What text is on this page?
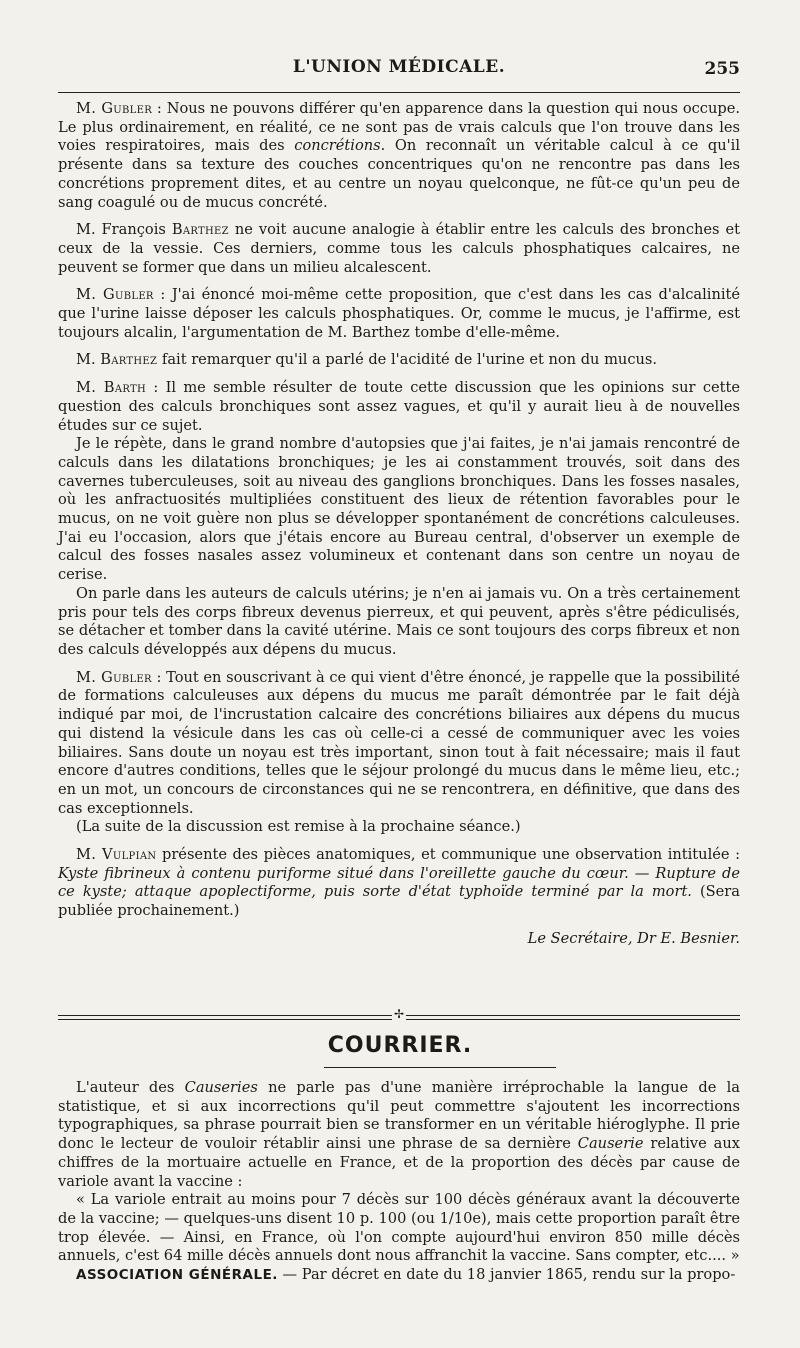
L'UNION MÉDICALE.	255

M. Gubler : Nous ne pouvons différer qu'en apparence dans la question qui nous occupe. Le plus ordinairement, en réalité, ce ne sont pas de vrais calculs que l'on trouve dans les voies respiratoires, mais des concrétions. On reconnaît un véritable calcul à ce qu'il présente dans sa texture des couches concentriques qu'on ne rencontre pas dans les concrétions proprement dites, et au centre un noyau quelconque, ne fût-ce qu'un peu de sang coagulé ou de mucus concrété.

M. François Barthez ne voit aucune analogie à établir entre les calculs des bronches et ceux de la vessie. Ces derniers, comme tous les calculs phosphatiques calcaires, ne peuvent se former que dans un milieu alcalescent.

M. Gubler : J'ai énoncé moi-même cette proposition, que c'est dans les cas d'alcalinité que l'urine laisse déposer les calculs phosphatiques. Or, comme le mucus, je l'affirme, est toujours alcalin, l'argumentation de M. Barthez tombe d'elle-même.

M. Barthez fait remarquer qu'il a parlé de l'acidité de l'urine et non du mucus.

M. Barth : Il me semble résulter de toute cette discussion que les opinions sur cette question des calculs bronchiques sont assez vagues, et qu'il y aurait lieu à de nouvelles études sur ce sujet.

Je le répète, dans le grand nombre d'autopsies que j'ai faites, je n'ai jamais rencontré de calculs dans les dilatations bronchiques; je les ai constamment trouvés, soit dans des cavernes tuberculeuses, soit au niveau des ganglions bronchiques. Dans les fosses nasales, où les anfractuosités multipliées constituent des lieux de rétention favorables pour le mucus, on ne voit guère non plus se développer spontanément de concrétions calculeuses. J'ai eu l'occasion, alors que j'étais encore au Bureau central, d'observer un exemple de calcul des fosses nasales assez volumineux et contenant dans son centre un noyau de cerise.

On parle dans les auteurs de calculs utérins; je n'en ai jamais vu. On a très certainement pris pour tels des corps fibreux devenus pierreux, et qui peuvent, après s'être pédiculisés, se détacher et tomber dans la cavité utérine. Mais ce sont toujours des corps fibreux et non des calculs développés aux dépens du mucus.

M. Gubler : Tout en souscrivant à ce qui vient d'être énoncé, je rappelle que la possibilité de formations calculeuses aux dépens du mucus me paraît démontrée par le fait déjà indiqué par moi, de l'incrustation calcaire des concrétions biliaires aux dépens du mucus qui distend la vésicule dans les cas où celle-ci a cessé de communiquer avec les voies biliaires. Sans doute un noyau est très important, sinon tout à fait nécessaire; mais il faut encore d'autres conditions, telles que le séjour prolongé du mucus dans le même lieu, etc.; en un mot, un concours de circonstances qui ne se rencontrera, en définitive, que dans des cas exceptionnels.

(La suite de la discussion est remise à la prochaine séance.)

M. Vulpian présente des pièces anatomiques, et communique une observation intitulée : Kyste fibrineux à contenu puriforme situé dans l'oreillette gauche du cœur. — Rupture de ce kyste; attaque apoplectiforme, puis sorte d'état typhoïde terminé par la mort. (Sera publiée prochainement.)

Le Secrétaire, Dr E. Besnier.

✢
COURRIER.

L'auteur des Causeries ne parle pas d'une manière irréprochable la langue de la statistique, et si aux incorrections qu'il peut commettre s'ajoutent les incorrections typographiques, sa phrase pourrait bien se transformer en un véritable hiéroglyphe. Il prie donc le lecteur de vouloir rétablir ainsi une phrase de sa dernière Causerie relative aux chiffres de la mortuaire actuelle en France, et de la proportion des décès par cause de variole avant la vaccine :

« La variole entrait au moins pour 7 décès sur 100 décès généraux avant la découverte de la vaccine; — quelques-uns disent 10 p. 100 (ou 1/10e), mais cette proportion paraît être trop élevée. — Ainsi, en France, où l'on compte aujourd'hui environ 850 mille décès annuels, c'est 64 mille décès annuels dont nous affranchit la vaccine. Sans compter, etc.... »

ASSOCIATION GÉNÉRALE. — Par décret en date du 18 janvier 1865, rendu sur la propo-
